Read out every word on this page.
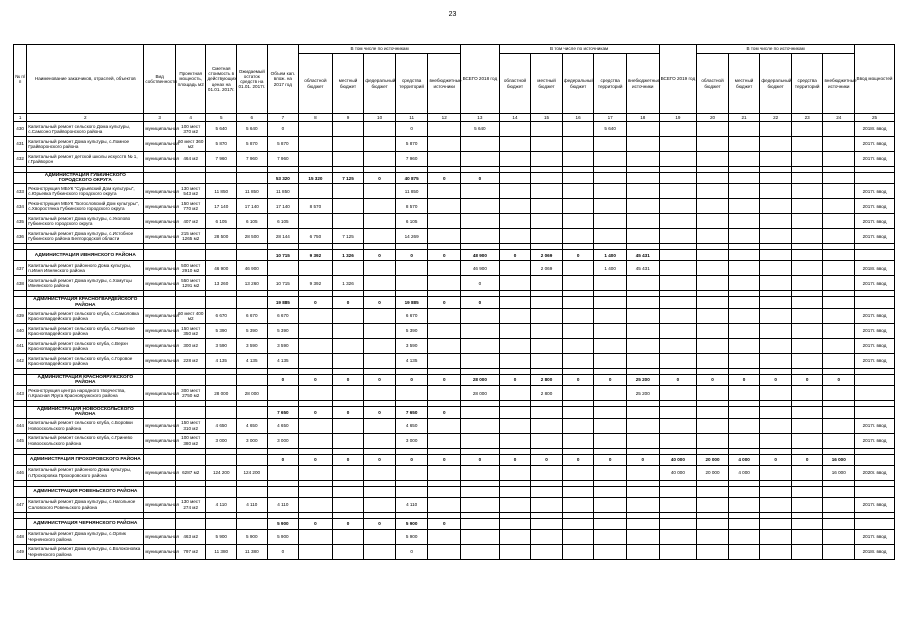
23
№ п/п	Наименование заказчиков, отраслей, объектов	Вид собственности	Проектная мощность, площадь м2	Сметная стоимость в действующих ценах на 01.01. 2017г.	Ожидаемый остаток средств на 01.01. 2017г.	Объем кап. влож. на 2017 год	В том числе по источникам					ВСЕГО 2018 год	В том числе по источникам					ВСЕГО 2019 год	В том числе по источникам					Ввод мощностей
							областной бюджет	местный бюджет	федеральный бюджет	средства территорий	внебюджетные источники		областной бюджет	местный бюджет	федеральный бюджет	средства территорий	внебюджетные источники		областной бюджет	местный бюджет	федеральный бюджет	средства территорий	внебюджетные источники	
1	2	3	4	5	6	7	8	9	10	11	12	13	14	15	16	17	18	19	20	21	22	23	24	25
430	Капитальный ремонт сельского Дома культуры, с.Самсоно Грайворонского района	муниципальная	100 мест 370 м2	5 640	5 640	0				0		5 640				5 640								2018г. ввод
431	Капитальный ремонт Дома культуры, с.Ломное Грайворонского района	муниципальная	60 мест 360 м2	5 870	5 870	5 870				5 870														2017г. ввод
432	Капитальный ремонт детской школы искусств № 1, г.Грайворон	муниципальная	464 м2	7 960	7 960	7 960				7 960														2017г. ввод

	АДМИНИСТРАЦИЯ ГУБКИНСКОГО ГОРОДСКОГО ОКРУГА					53 320	15 320	7 125	0	40 875	0	0												
433	Реконструкция МБУК "Сурьевский Дом культуры", с.Юрьевка Губкинского городского округа	муниципальная	130 мест 543 м2	11 850	11 850	11 850				11 850														2017г. ввод
434	Реконструкция МБУК "Богословский Дом культуры", с.Хворостянка Губкинского городского округа	муниципальная	150 мест 770 м2	17 140	17 140	17 140	8 570			8 570														2017г. ввод
435	Капитальный ремонт Дома культуры, с.Уколово Губкинского городского округа	муниципальная	407 м2	6 105	6 105	6 105				6 105														2017г. ввод
436	Капитальный ремонт Дома культуры, с.Истобное Губкинского района Белгородской области	муниципальная	215 мест 1265 м2	28 500	28 500	28 144	6 750	7 125		14 269														2017г. ввод

	АДМИНИСТРАЦИЯ ИВНЯНСКОГО РАЙОНА					10 715	9 392	1 326	0	0	0	48 900	0	2 069	0	1 400	45 431							
437	Капитальный ремонт районного Дома культуры, п.Ивня Ивнянского района	муниципальная	500 мест 2910 м2	46 900	46 900							46 900		2 069		1 400	45 431							2018г. ввод
438	Капитальный ремонт Дома культуры, с.Хомутцы Ивнянского района	муниципальная	550 мест 1291 м2	13 260	13 260	10 715	9 392	1 326				0												2017г. ввод

	АДМИНИСТРАЦИЯ КРАСНОГВАРДЕЙСКОГО РАЙОНА					19 885	0	0	0	19 885	0	0												
439	Капитальный ремонт сельского клуба, с.Самоловка Красногвардейского района	муниципальная	60 мест 400 м2	6 670	6 670	6 670				6 670														2017г. ввод
440	Капитальный ремонт сельского клуба, с.Ракитное Красногвардейского района	муниципальная	150 мест 350 м2	5 390	5 390	5 390				5 390														2017г. ввод
441	Капитальный ремонт сельского клуба, с.Верхн Красногвардейского района	муниципальная	300 м2	3 590	3 590	3 590				3 590														2017г. ввод
442	Капитальный ремонт сельского клуба, с.Горовое Красногвардейского района	муниципальная	228 м2	4 135	4 135	4 135				4 135														2017г. ввод

	АДМИНИСТРАЦИЯ КРАСНОЯРУЖСКОГО РАЙОНА					0	0	0	0	0	0	28 000	0	2 800	0	0	25 200	0	0	0	0	0	0	
443	Реконструкция центра народного творчества, п.Красная Яруга Краснояружского района	муниципальная	300 мест 2750 м2	28 000	28 000							28 000		2 800			25 200							

	АДМИНИСТРАЦИЯ НОВООСКОЛЬСКОГО РАЙОНА					7 650	0	0	0	7 650	0													
444	Капитальный ремонт сельского клуба, с.Боровки Новооскольского района	муниципальная	150 мест 310 м2	4 650	4 650	4 650				4 650														2017г. ввод
445	Капитальный ремонт сельского клуба, с.Гринево Новооскольского района	муниципальная	100 мест 380 м2	3 000	3 000	3 000				3 000														2017г. ввод

	АДМИНИСТРАЦИЯ ПРОХОРОВСКОГО РАЙОНА					0	0	0	0	0	0	0	0	0	0	0	0	40 000	20 000	4 000	0	0	16 000	
446	Капитальный ремонт районного Дома культуры, п.Прохоровка Прохоровского района	муниципальная	6287 м2	124 200	124 200													40 000	20 000	4 000			16 000	2020г. ввод

	АДМИНИСТРАЦИЯ РОВЕНЬСКОГО РАЙОНА																							
447	Капитальный ремонт Дома культуры, с.Нагольное Саловского Ровеньского района	муниципальная	130 мест 274 м2	4 110	4 110	4 110				4 110														2017г. ввод

	АДМИНИСТРАЦИЯ ЧЕРНЯНСКОГО РАЙОНА					5 900	0	0	0	5 900	0													
448	Капитальный ремонт Дома культуры, с.Орлик Чернянского района	муниципальная	463 м2	5 900	5 900	5 900				5 900														2017г. ввод
449	Капитальный ремонт Дома культуры, с.Волоконовка Чернянского района	муниципальная	797 м2	11 380	11 380	0				0														2018г. ввод
